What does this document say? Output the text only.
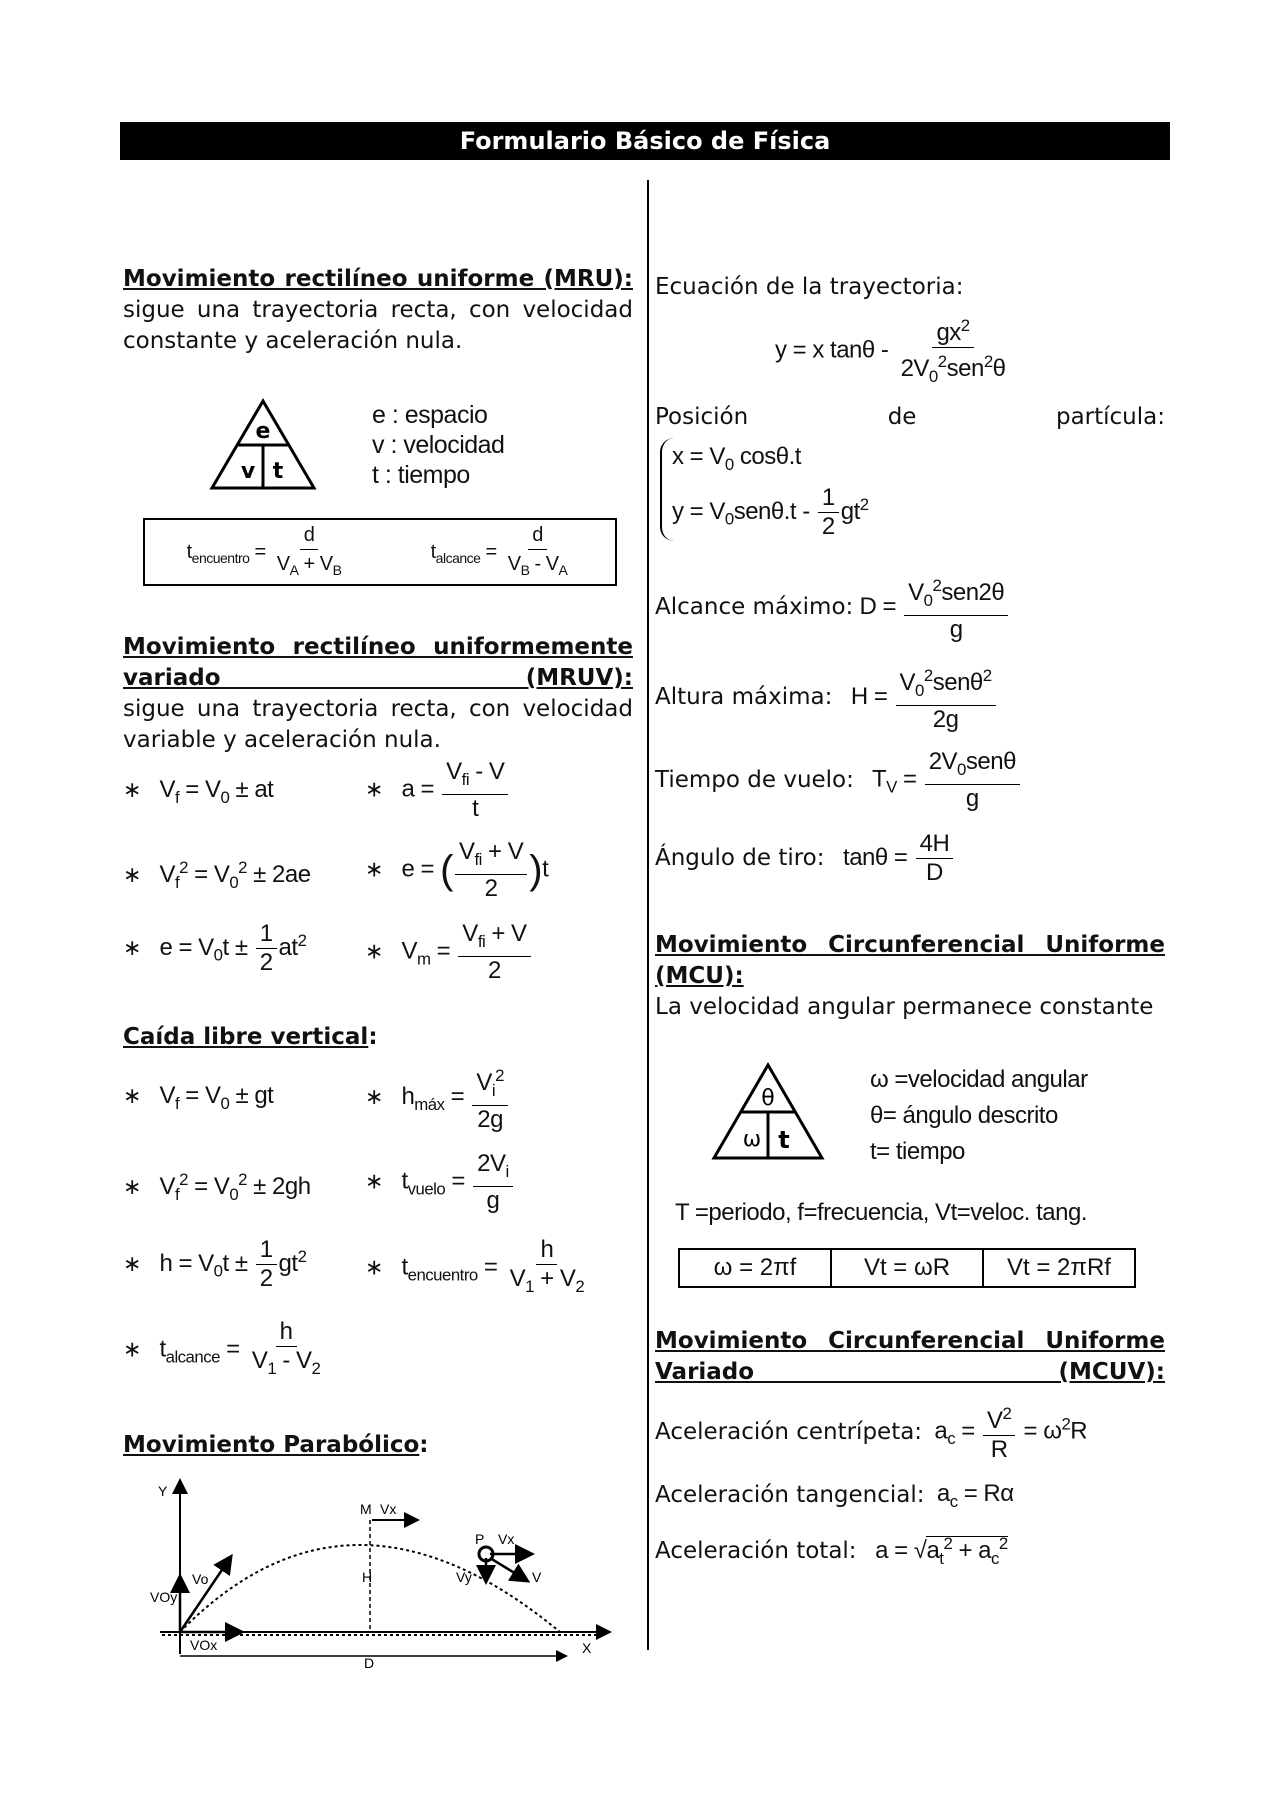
Formulario Básico de Física
Movimiento rectilíneo uniforme (MRU): sigue una trayectoria recta, con velocidad constante y aceleración nula.
e
v t
e : espacio
v : velocidad
t : tiempo
$t_{encuentro} = \frac{d}{V_A + V_B}$	$t_{alcance} = \frac{d}{V_B - V_A}$
Movimiento rectilíneo uniformemente variado (MRUV):
sigue una trayectoria recta, con velocidad variable y aceleración nula.
∗   $V_f = V_0$ ± at	∗   $a = \frac{V_{fi} - V}{t}$
∗   $V_f^2 = V_0^2 \pm 2ae$ ∗   e = ( $\frac{V_{fi} + V}{2} )t$
∗   $e = V_0t \pm \frac{1}{2} at^2$	∗   $V_m = \frac{V_{fi} + V}{2}$
Caída libre vertical:
∗   $V_f = V_0$ ± gt	∗   $h_{máx} = \frac{V_i^2}{2g}$
∗   $V_f^2 = V_0^2 \pm 2gh$ ∗   $t_{vuelo} = \frac{2V_i}{g}$
∗   $h = V_0t \pm \frac{1}{2} gt^2$	∗   $t_{encuentro} = \frac{h}{V_1 + V_2}$
∗   $t_{alcance} = \frac{h}{V_1 - V_2}$
Movimiento Parabólico:
Y
X
M Vx
P Vx
V
Vy
Vo
VOy
VOx
H
D
Ecuación de la trayectoria:
y = x tanθ - $\frac{gx^2}{2V_0^2sen^2\theta}$
Posición de partícula:
$x = V_0$ cosθ.t
$y = V_0sen\theta.t - \frac{1}{2} gt^2$
Alcance máximo: $D = \frac{V_0^2sen2\theta}{g}$
Altura máxima: $H = \frac{V_0^2sen\theta^2}{2g}$
Tiempo de vuelo: $T_V = \frac{2V_0sen\theta}{g}$
Ángulo de tiro: $\tan\theta = \frac{4H}{D}$
Movimiento Circunferencial Uniforme (MCU):
La velocidad angular permanece constante
θ
ω t
ω =velocidad angular
θ= ángulo descrito
t= tiempo
T =periodo, f=frecuencia, Vt=veloc. tang.
ω = 2πf	Vt = ωR	Vt = 2πRf
Movimiento Circunferencial Uniforme Variado (MCUV):
Aceleración centrípeta: $a_c = \frac{V^2}{R} = \omega^2R$
Aceleración tangencial: $a_c = R\alpha$
Aceleración total: $a = √a_t^2 + a_c^2$
